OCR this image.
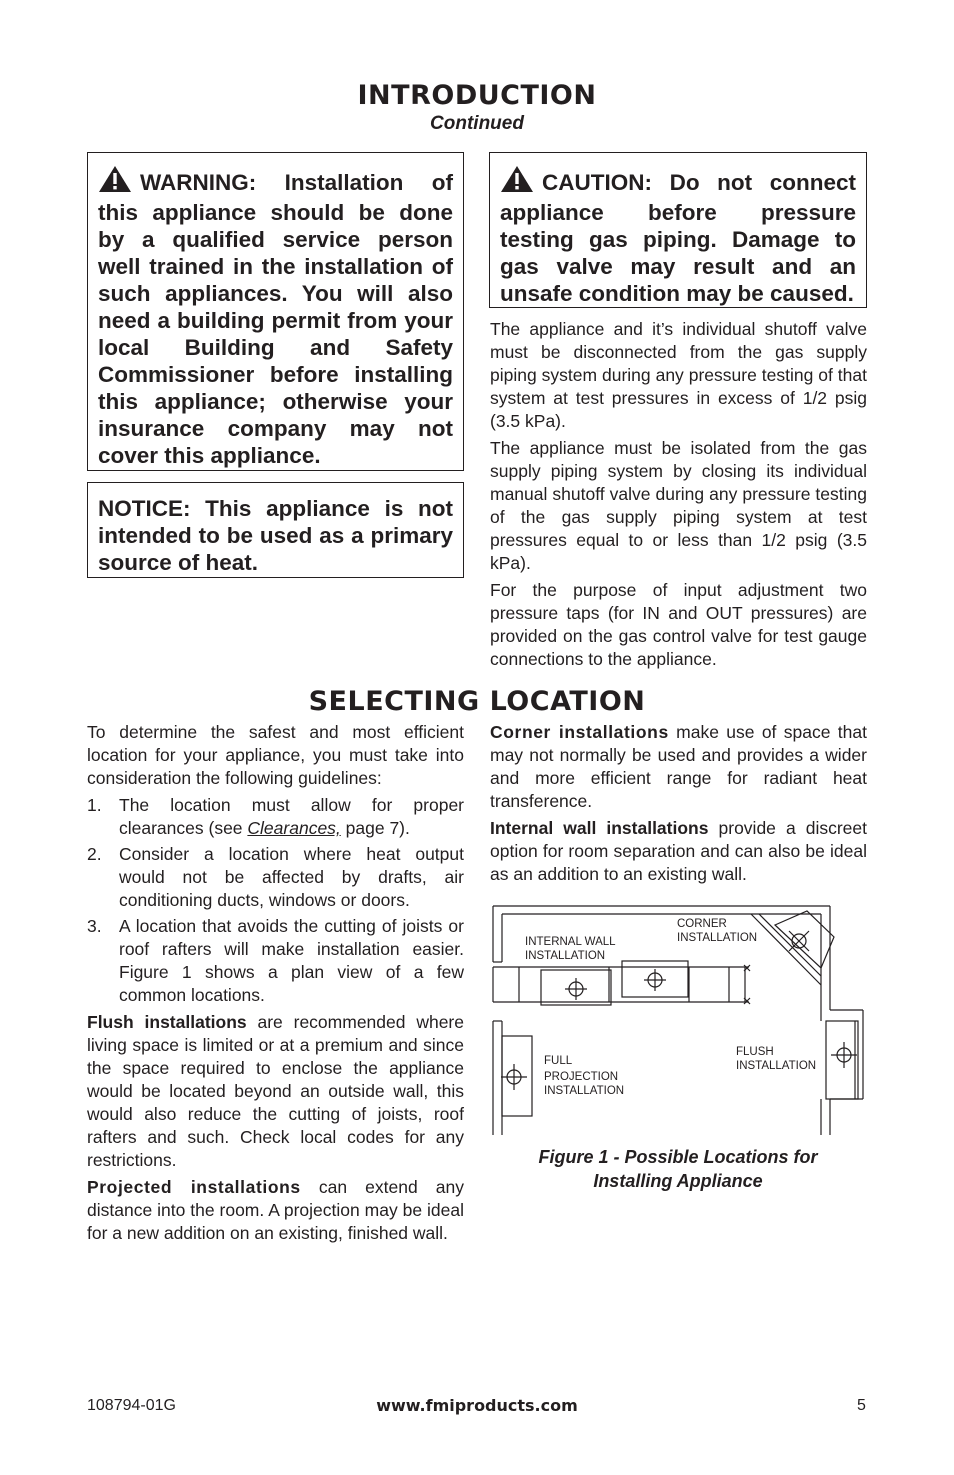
INTRODUCTION
Continued

WARNING: Installation of this appliance should be done by a qualified service person well trained in the installation of such appliances. You will also need a building permit from your local Building and Safety Commissioner before installing this appliance; otherwise your insurance company may not cover this appliance.

NOTICE: This appliance is not intended to be used as a primary source of heat.

CAUTION: Do not connect appliance before pressure testing gas piping. Damage to gas valve may result and an unsafe condition may be caused.

The appliance and it’s individual shutoff valve must be disconnected from the gas supply piping system during any pressure testing of that system at test pressures in excess of 1/2 psig (3.5 kPa).

The appliance must be isolated from the gas supply piping system by closing its individual manual shutoff valve during any pressure testing of the gas supply piping system at test pressures equal to or less than 1/2 psig (3.5 kPa).

For the purpose of input adjustment two pressure taps (for IN and OUT pressures) are provided on the gas control valve for test gauge connections to the appliance.

SELECTING LOCATION

To determine the safest and most efficient location for your appliance, you must take into consideration the following guidelines:

1. The location must allow for proper clearances (see Clearances, page 7).
2. Consider a location where heat output would not be affected by drafts, air conditioning ducts, windows or doors.
3. A location that avoids the cutting of joists or roof rafters will make installation easier. Figure 1 shows a plan view of a few common locations.

Flush installations are recommended where living space is limited or at a premium and since the space required to enclose the appliance would be located beyond an outside wall, this would also reduce the cutting of joists, roof rafters and such. Check local codes for any restrictions.

Projected installations can extend any distance into the room. A projection may be ideal for a new addition on an existing, finished wall.

Corner installations make use of space that may not normally be used and provides a wider and more efficient range for radiant heat transference.

Internal wall installations provide a discreet option for room separation and can also be ideal as an addition to an existing wall.

INTERNAL WALL
INSTALLATION
CORNER
INSTALLATION
FULL
PROJECTION
INSTALLATION
FLUSH
INSTALLATION
Figure 1 - Possible Locations for
Installing Appliance
108794-01G	www.fmiproducts.com	5
